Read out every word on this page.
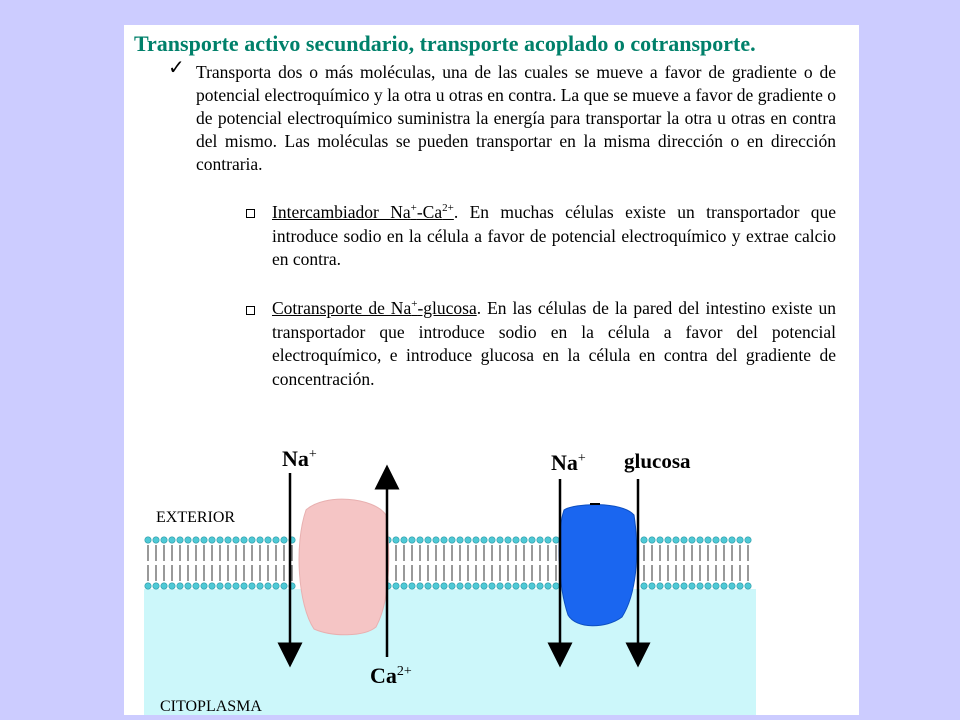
Transporte activo secundario, transporte acoplado o cotransporte.
✓ Transporta dos o más moléculas, una de las cuales se mueve a favor de gradiente o de potencial electroquímico y la otra u otras en contra. La que se mueve a favor de gradiente o de potencial electroquímico suministra la energía para transportar la otra u otras en contra del mismo. Las moléculas se pueden transportar en la misma dirección o en dirección contraria.
Intercambiador $Na^+-Ca^{2+}$. En muchas células existe un transportador que introduce sodio en la célula a favor de potencial electroquímico y extrae calcio en contra.
Cotransporte de Na+-glucosa. En las células de la pared del intestino existe un transportador que introduce sodio en la célula a favor del potencial electroquímico, e introduce glucosa en la célula en contra del gradiente de concentración.
EXTERIOR
CITOPLASMA
Na+
$Ca^{2+}$
Na+ glucosa
